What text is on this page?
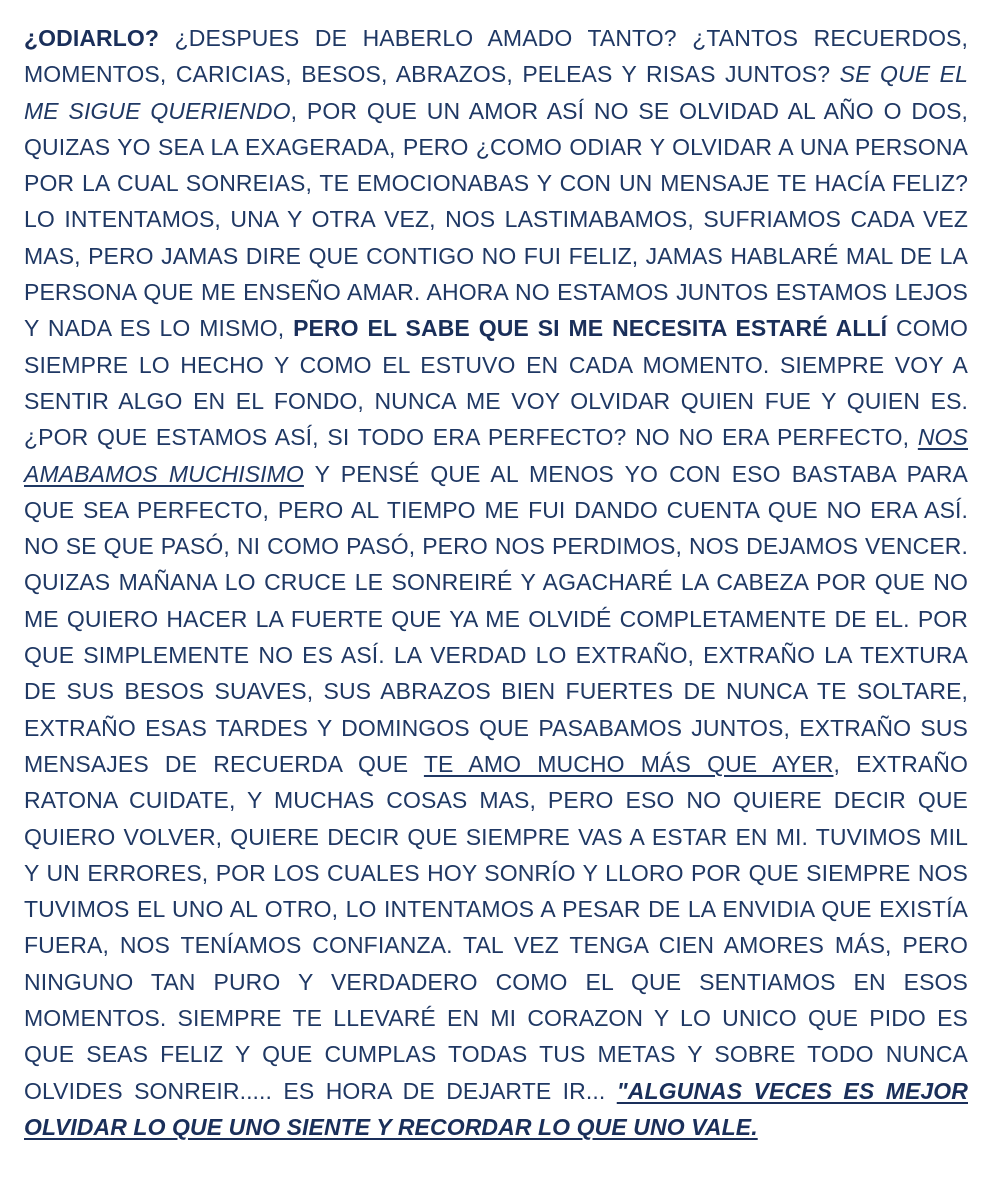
¿ODIARLO? ¿DESPUES DE HABERLO AMADO TANTO? ¿TANTOS RECUERDOS, MOMENTOS, CARICIAS, BESOS, ABRAZOS, PELEAS Y RISAS JUNTOS? SE QUE EL ME SIGUE QUERIENDO, POR QUE UN AMOR ASÍ NO SE OLVIDAD AL AÑO O DOS, QUIZAS YO SEA LA EXAGERADA, PERO ¿COMO ODIAR Y OLVIDAR A UNA PERSONA POR LA CUAL SONREIAS, TE EMOCIONABAS Y CON UN MENSAJE TE HACÍA FELIZ? LO INTENTAMOS, UNA Y OTRA VEZ, NOS LASTIMABAMOS, SUFRIAMOS CADA VEZ MAS, PERO JAMAS DIRE QUE CONTIGO NO FUI FELIZ, JAMAS HABLARÉ MAL DE LA PERSONA QUE ME ENSEÑO AMAR. AHORA NO ESTAMOS JUNTOS ESTAMOS LEJOS Y NADA ES LO MISMO, PERO EL SABE QUE SI ME NECESITA ESTARÉ ALLÍ COMO SIEMPRE LO HECHO Y COMO EL ESTUVO EN CADA MOMENTO. SIEMPRE VOY A SENTIR ALGO EN EL FONDO, NUNCA ME VOY OLVIDAR QUIEN FUE Y QUIEN ES. ¿POR QUE ESTAMOS ASÍ, SI TODO ERA PERFECTO? NO NO ERA PERFECTO, NOS AMABAMOS MUCHISIMO Y PENSÉ QUE AL MENOS YO CON ESO BASTABA PARA QUE SEA PERFECTO, PERO AL TIEMPO ME FUI DANDO CUENTA QUE NO ERA ASÍ. NO SE QUE PASÓ, NI COMO PASÓ, PERO NOS PERDIMOS, NOS DEJAMOS VENCER. QUIZAS MAÑANA LO CRUCE LE SONREIRÉ Y AGACHARÉ LA CABEZA POR QUE NO ME QUIERO HACER LA FUERTE QUE YA ME OLVIDÉ COMPLETAMENTE DE EL. POR QUE SIMPLEMENTE NO ES ASÍ. LA VERDAD LO EXTRAÑO, EXTRAÑO LA TEXTURA DE SUS BESOS SUAVES, SUS ABRAZOS BIEN FUERTES DE NUNCA TE SOLTARE, EXTRAÑO ESAS TARDES Y DOMINGOS QUE PASABAMOS JUNTOS, EXTRAÑO SUS MENSAJES DE RECUERDA QUE TE AMO MUCHO MÁS QUE AYER, EXTRAÑO RATONA CUIDATE, Y MUCHAS COSAS MAS, PERO ESO NO QUIERE DECIR QUE QUIERO VOLVER, QUIERE DECIR QUE SIEMPRE VAS A ESTAR EN MI. TUVIMOS MIL Y UN ERRORES, POR LOS CUALES HOY SONRÍO Y LLORO POR QUE SIEMPRE NOS TUVIMOS EL UNO AL OTRO, LO INTENTAMOS A PESAR DE LA ENVIDIA QUE EXISTÍA FUERA, NOS TENÍAMOS CONFIANZA. TAL VEZ TENGA CIEN AMORES MÁS, PERO NINGUNO TAN PURO Y VERDADERO COMO EL QUE SENTIAMOS EN ESOS MOMENTOS. SIEMPRE TE LLEVARÉ EN MI CORAZON Y LO UNICO QUE PIDO ES QUE SEAS FELIZ Y QUE CUMPLAS TODAS TUS METAS Y SOBRE TODO NUNCA OLVIDES SONREIR..... ES HORA DE DEJARTE IR... "ALGUNAS VECES ES MEJOR OLVIDAR LO QUE UNO SIENTE Y RECORDAR LO QUE UNO VALE.
